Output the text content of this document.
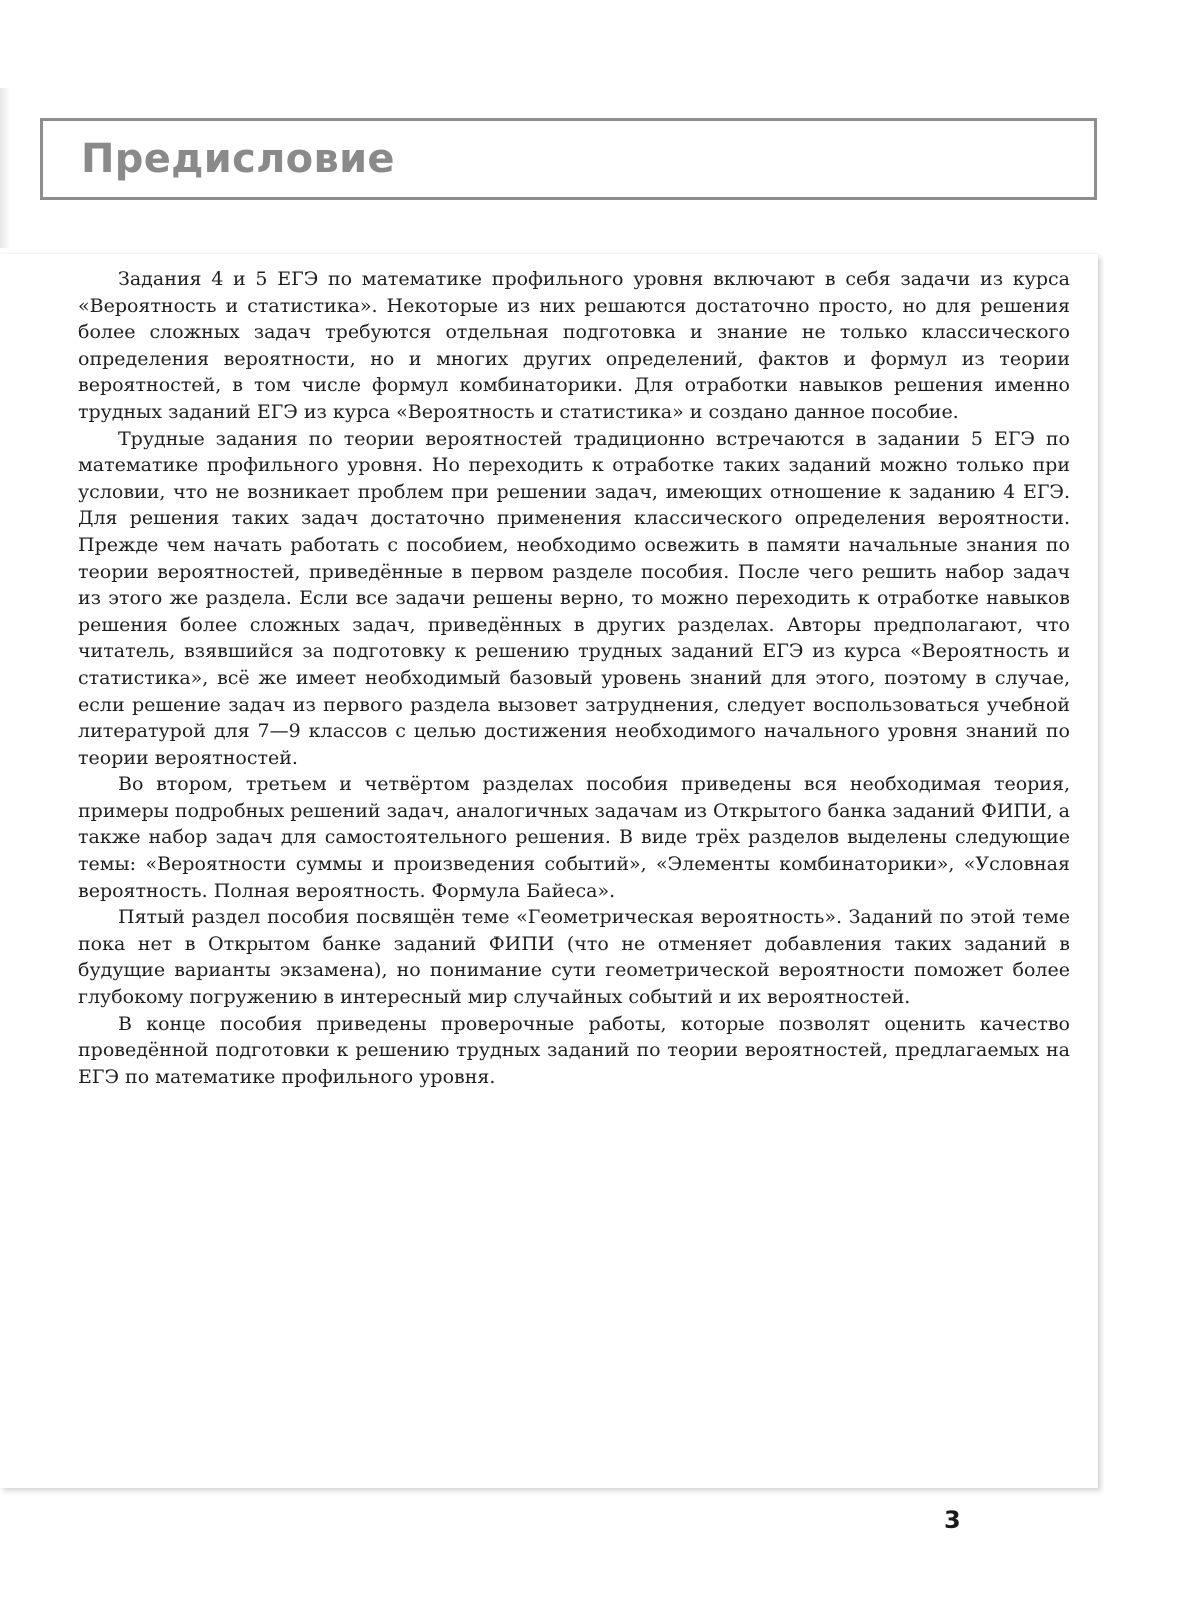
Предисловие

Задания 4 и 5 ЕГЭ по математике профильного уровня включают в себя задачи из курса «Вероятность и статистика». Некоторые из них решаются достаточно просто, но для решения более сложных задач требуются отдельная подготовка и знание не только классического определения вероятности, но и многих других определений, фактов и формул из теории вероятностей, в том числе формул комбинаторики. Для отработки навыков решения именно трудных заданий ЕГЭ из курса «Вероятность и статистика» и создано данное пособие.

Трудные задания по теории вероятностей традиционно встречаются в задании 5 ЕГЭ по математике профильного уровня. Но переходить к отработке таких заданий можно только при условии, что не возникает проблем при решении задач, имеющих отношение к заданию 4 ЕГЭ. Для решения таких задач достаточно применения классического определения вероятности. Прежде чем начать работать с пособием, необходимо освежить в памяти начальные знания по теории вероятностей, приведённые в первом разделе пособия. После чего решить набор задач из этого же раздела. Если все задачи решены верно, то можно переходить к отработке навыков решения более сложных задач, приведённых в других разделах. Авторы предполагают, что читатель, взявшийся за подготовку к решению трудных заданий ЕГЭ из курса «Вероятность и статистика», всё же имеет необходимый базовый уровень знаний для этого, поэтому в случае, если решение задач из первого раздела вызовет затруднения, следует воспользоваться учебной литературой для 7—9 классов с целью достижения необходимого начального уровня знаний по теории вероятностей.

Во втором, третьем и четвёртом разделах пособия приведены вся необходимая теория, примеры подробных решений задач, аналогичных задачам из Открытого банка заданий ФИПИ, а также набор задач для самостоятельного решения. В виде трёх разделов выделены следующие темы: «Вероятности суммы и произведения событий», «Элементы комбинаторики», «Условная вероятность. Полная вероятность. Формула Байеса».

Пятый раздел пособия посвящён теме «Геометрическая вероятность». Заданий по этой теме пока нет в Открытом банке заданий ФИПИ (что не отменяет добавления таких заданий в будущие варианты экзамена), но понимание сути геометрической вероятности поможет более глубокому погружению в интересный мир случайных событий и их вероятностей.

В конце пособия приведены проверочные работы, которые позволят оценить качество проведённой подготовки к решению трудных заданий по теории вероятностей, предлагаемых на ЕГЭ по математике профильного уровня.

3
